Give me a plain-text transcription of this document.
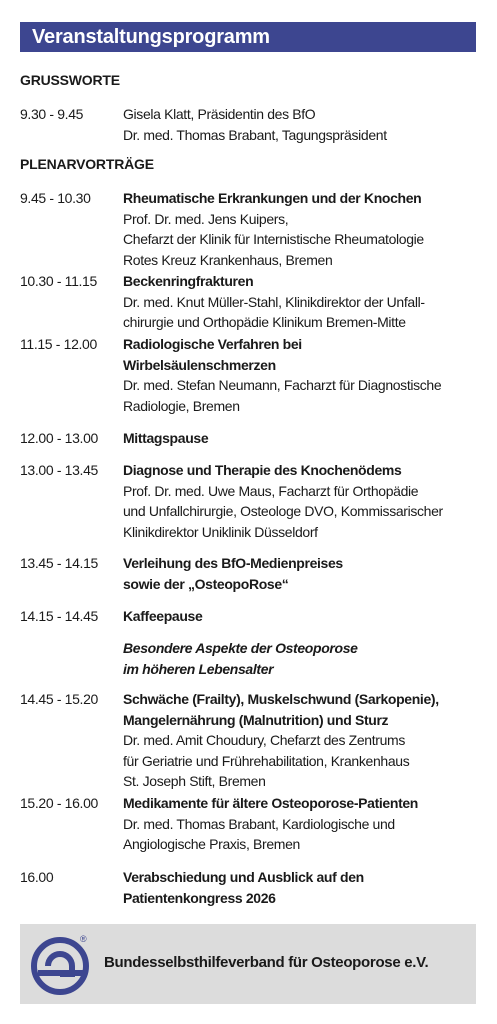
Veranstaltungsprogramm
GRUSSWORTE
9.30 - 9.45	Gisela Klatt, Präsidentin des BfO
Dr. med. Thomas Brabant, Tagungspräsident
PLENARVORTRÄGE
9.45 - 10.30	Rheumatische Erkrankungen und der Knochen
Prof. Dr. med. Jens Kuipers,
Chefarzt der Klinik für Internistische Rheumatologie
Rotes Kreuz Krankenhaus, Bremen
10.30 - 11.15	Beckenringfrakturen
Dr. med. Knut Müller-Stahl, Klinikdirektor der Unfall-
chirurgie und Orthopädie Klinikum Bremen-Mitte
11.15 - 12.00	Radiologische Verfahren bei
Wirbelsäulenschmerzen
Dr. med. Stefan Neumann, Facharzt für Diagnostische
Radiologie, Bremen
12.00 - 13.00	Mittagspause
13.00 - 13.45	Diagnose und Therapie des Knochenödems
Prof. Dr. med. Uwe Maus, Facharzt für Orthopädie
und Unfallchirurgie, Osteologe DVO, Kommissarischer
Klinikdirektor Uniklinik Düsseldorf
13.45 - 14.15	Verleihung des BfO-Medienpreises
sowie der „OsteopoRose“
14.15 - 14.45	Kaffeepause
Besondere Aspekte der Osteoporose
im höheren Lebensalter
14.45 - 15.20	Schwäche (Frailty), Muskelschwund (Sarkopenie),
Mangelernährung (Malnutrition) und Sturz
Dr. med. Amit Choudury, Chefarzt des Zentrums
für Geriatrie und Frührehabilitation, Krankenhaus
St. Joseph Stift, Bremen
15.20 - 16.00	Medikamente für ältere Osteoporose-Patienten
Dr. med. Thomas Brabant, Kardiologische und
Angiologische Praxis, Bremen
16.00	Verabschiedung und Ausblick auf den
Patientenkongress 2026
®
Bundesselbsthilfeverband für Osteoporose e.V.
